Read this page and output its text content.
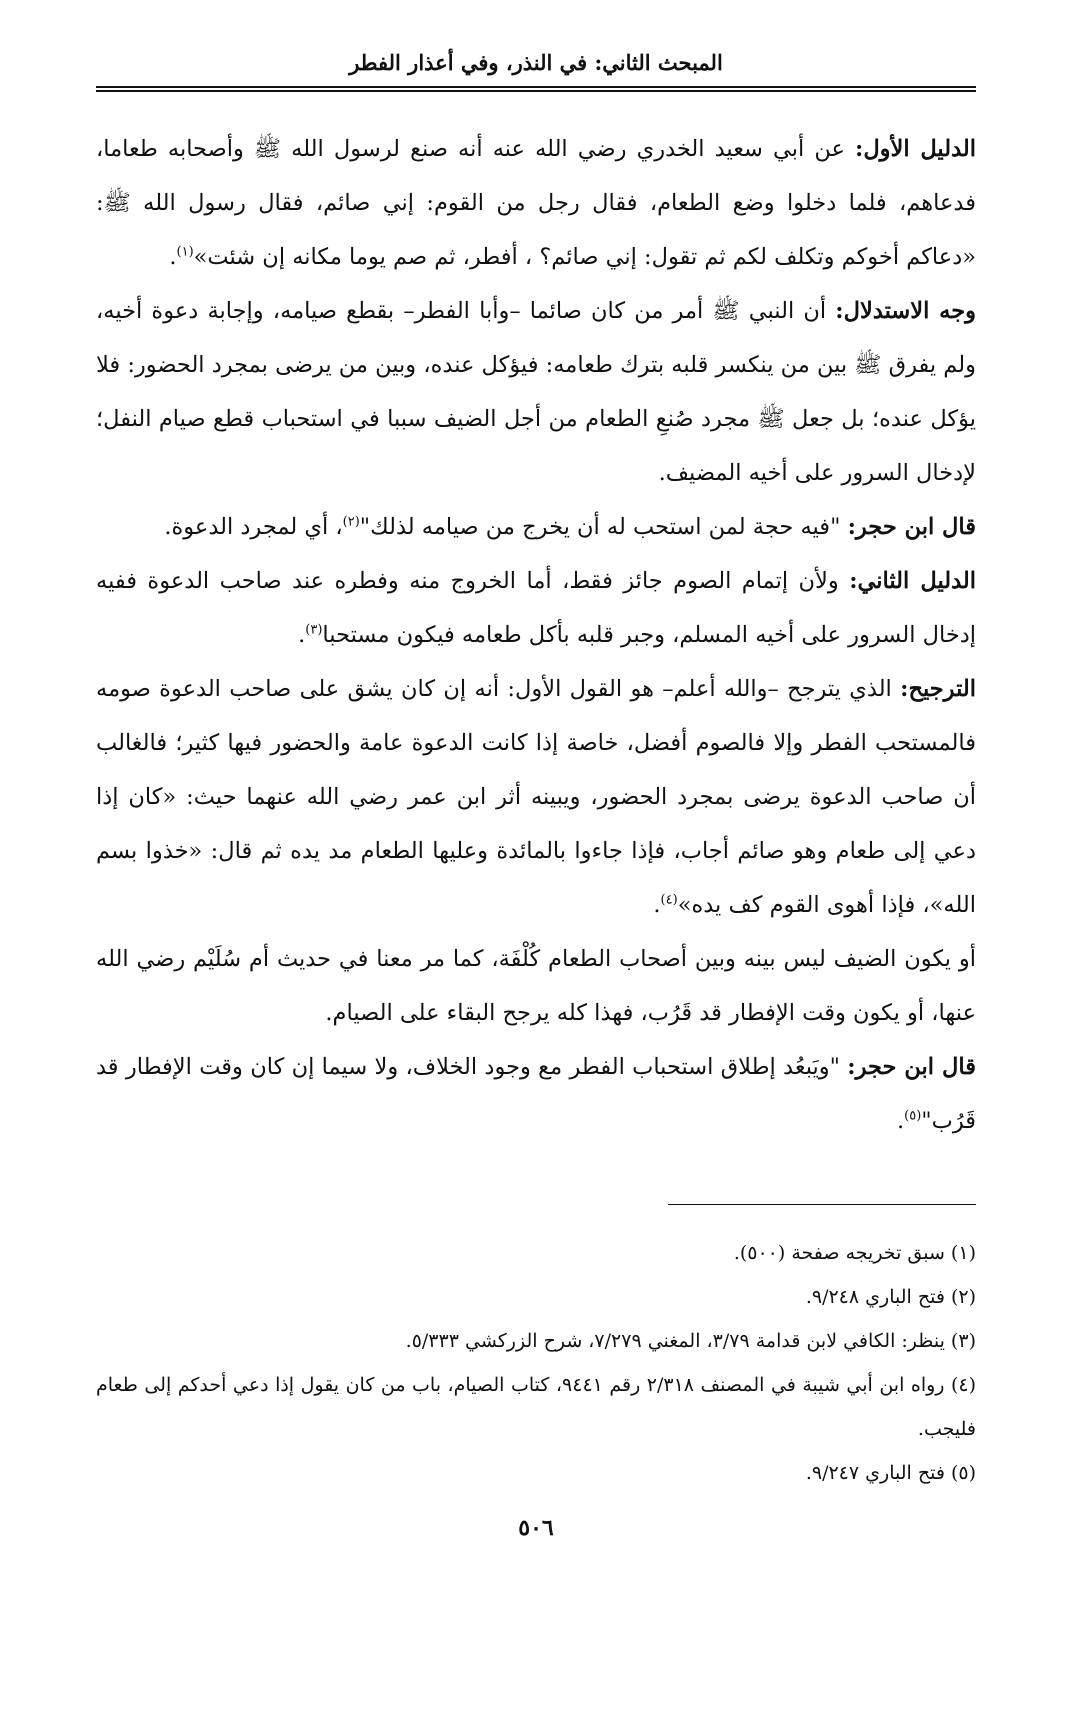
المبحث الثاني: في النذر، وفي أعذار الفطر

الدليل الأول: عن أبي سعيد الخدري رضي الله عنه أنه صنع لرسول الله ﷺ وأصحابه طعاما، فدعاهم، فلما دخلوا وضع الطعام، فقال رجل من القوم: إني صائم، فقال رسول الله ﷺ: «دعاكم أخوكم وتكلف لكم ثم تقول: إني صائم؟ ، أفطر، ثم صم يوما مكانه إن شئت»$^{(١)}$.

وجه الاستدلال: أن النبي ﷺ أمر من كان صائما –وأبا الفطر– بقطع صيامه، وإجابة دعوة أخيه، ولم يفرق ﷺ بين من ينكسر قلبه بترك طعامه: فيؤكل عنده، وبين من يرضى بمجرد الحضور: فلا يؤكل عنده؛ بل جعل ﷺ مجرد صُنعِ الطعام من أجل الضيف سببا في استحباب قطع صيام النفل؛ لإدخال السرور على أخيه المضيف.

قال ابن حجر: "فيه حجة لمن استحب له أن يخرج من صيامه لذلك"$^{(٢)}$، أي لمجرد الدعوة.

الدليل الثاني: ولأن إتمام الصوم جائز فقط، أما الخروج منه وفطره عند صاحب الدعوة ففيه إدخال السرور على أخيه المسلم، وجبر قلبه بأكل طعامه فيكون مستحبا$^{(٣)}$.

الترجيح: الذي يترجح –والله أعلم– هو القول الأول: أنه إن كان يشق على صاحب الدعوة صومه فالمستحب الفطر وإلا فالصوم أفضل، خاصة إذا كانت الدعوة عامة والحضور فيها كثير؛ فالغالب أن صاحب الدعوة يرضى بمجرد الحضور، ويبينه أثر ابن عمر رضي الله عنهما حيث: «كان إذا دعي إلى طعام وهو صائم أجاب، فإذا جاءوا بالمائدة وعليها الطعام مد يده ثم قال: «خذوا بسم الله»، فإذا أهوى القوم كف يده»$^{(٤)}$.

أو يكون الضيف ليس بينه وبين أصحاب الطعام كُلْفَة، كما مر معنا في حديث أم سُلَيْم رضي الله عنها، أو يكون وقت الإفطار قد قَرُب، فهذا كله يرجح البقاء على الصيام.

قال ابن حجر: "ويَبعُد إطلاق استحباب الفطر مع وجود الخلاف، ولا سيما إن كان وقت الإفطار قد قَرُب"$^{(٥)}$.

(١) سبق تخريجه صفحة (٥٠٠).

(٢) فتح الباري ٩/٢٤٨.

(٣) ينظر: الكافي لابن قدامة ٣/٧٩، المغني ٧/٢٧٩، شرح الزركشي ٥/٣٣٣.

(٤) رواه ابن أبي شيبة في المصنف ٢/٣١٨ رقم ٩٤٤١، كتاب الصيام، باب من كان يقول إذا دعي أحدكم إلى طعام فليجب.

(٥) فتح الباري ٩/٢٤٧.

٥٠٦
